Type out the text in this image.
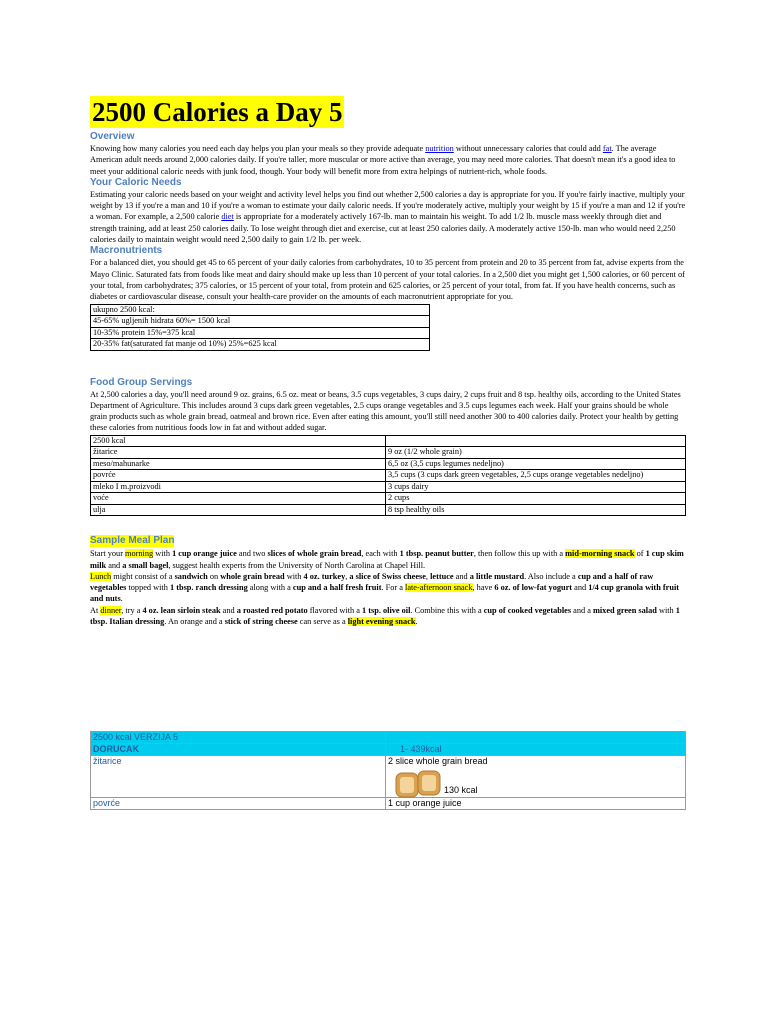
2500 Calories a Day 5
Overview

Knowing how many calories you need each day helps you plan your meals so they provide adequate nutrition without unnecessary calories that could add fat. The average American adult needs around 2,000 calories daily. If you're taller, more muscular or more active than average, you may need more calories. That doesn't mean it's a good idea to meet your additional caloric needs with junk food, though. Your body will benefit more from extra helpings of nutrient-rich, whole foods.

Your Caloric Needs

Estimating your caloric needs based on your weight and activity level helps you find out whether 2,500 calories a day is appropriate for you. If you're fairly inactive, multiply your weight by 13 if you're a man and 10 if you're a woman to estimate your daily caloric needs. If you're moderately active, multiply your weight by 15 if you're a man and 12 if you're a woman. For example, a 2,500 calorie diet is appropriate for a moderately actively 167-lb. man to maintain his weight. To add 1/2 lb. muscle mass weekly through diet and strength training, add at least 250 calories daily. To lose weight through diet and exercise, cut at least 250 calories daily. A moderately active 150-lb. man who would need 2,250 calories daily to maintain weight would need 2,500 daily to gain 1/2 lb. per week.

Macronutrients

For a balanced diet, you should get 45 to 65 percent of your daily calories from carbohydrates, 10 to 35 percent from protein and 20 to 35 percent from fat, advise experts from the Mayo Clinic. Saturated fats from foods like meat and dairy should make up less than 10 percent of your total calories. In a 2,500 diet you might get 1,500 calories, or 60 percent of your total, from carbohydrates; 375 calories, or 15 percent of your total, from protein and 625 calories, or 25 percent of your total, from fat. If you have health concerns, such as diabetes or cardiovascular disease, consult your health-care provider on the amounts of each macronutrient appropriate for you.

ukupno 2500 kcal:
45-65% ugljenih hidrata 60%= 1500 kcal
10-35% protein 15%=375 kcal
20-35% fat(saturated fat manje od 10%) 25%=625 kcal
Food Group Servings

At 2,500 calories a day, you'll need around 9 oz. grains, 6.5 oz. meat or beans, 3.5 cups vegetables, 3 cups dairy, 2 cups fruit and 8 tsp. healthy oils, according to the United States Department of Agriculture. This includes around 3 cups dark green vegetables, 2.5 cups orange vegetables and 3.5 cups legumes each week. Half your grains should be whole grain products such as whole grain bread, oatmeal and brown rice. Even after eating this amount, you'll still need another 300 to 400 calories daily. Protect your health by getting these calories from nutritious foods low in fat and without added sugar.

2500 kcal	
žitarice	9 oz (1/2 whole grain)
meso/mahunarke	6,5 oz (3,5 cups legumes nedeljno)
povrće	3,5 cups (3 cups dark green vegetables, 2,5 cups orange vegetables nedeljno)
mleko I m.proizvodi	3 cups dairy
voće	2 cups
ulja	8 tsp healthy oils
Sample Meal Plan

Start your morning with 1 cup orange juice and two slices of whole grain bread, each with 1 tbsp. peanut butter, then follow this up with a mid-morning snack of 1 cup skim milk and a small bagel, suggest health experts from the University of North Carolina at Chapel Hill.

Lunch might consist of a sandwich on whole grain bread with 4 oz. turkey, a slice of Swiss cheese, lettuce and a little mustard. Also include a cup and a half of raw vegetables topped with 1 tbsp. ranch dressing along with a cup and a half fresh fruit. For a late-afternoon snack, have 6 oz. of low-fat yogurt and 1/4 cup granola with fruit and nuts.

At dinner, try a 4 oz. lean sirloin steak and a roasted red potato flavored with a 1 tsp. olive oil. Combine this with a cup of cooked vegetables and a mixed green salad with 1 tbsp. Italian dressing. An orange and a stick of string cheese can serve as a light evening snack.

2500 kcal VERZIJA 5	
DORUCAK	1- 439kcal
žitarice	2 slice whole grain bread
130 kcal

povrće	1 cup orange juice
